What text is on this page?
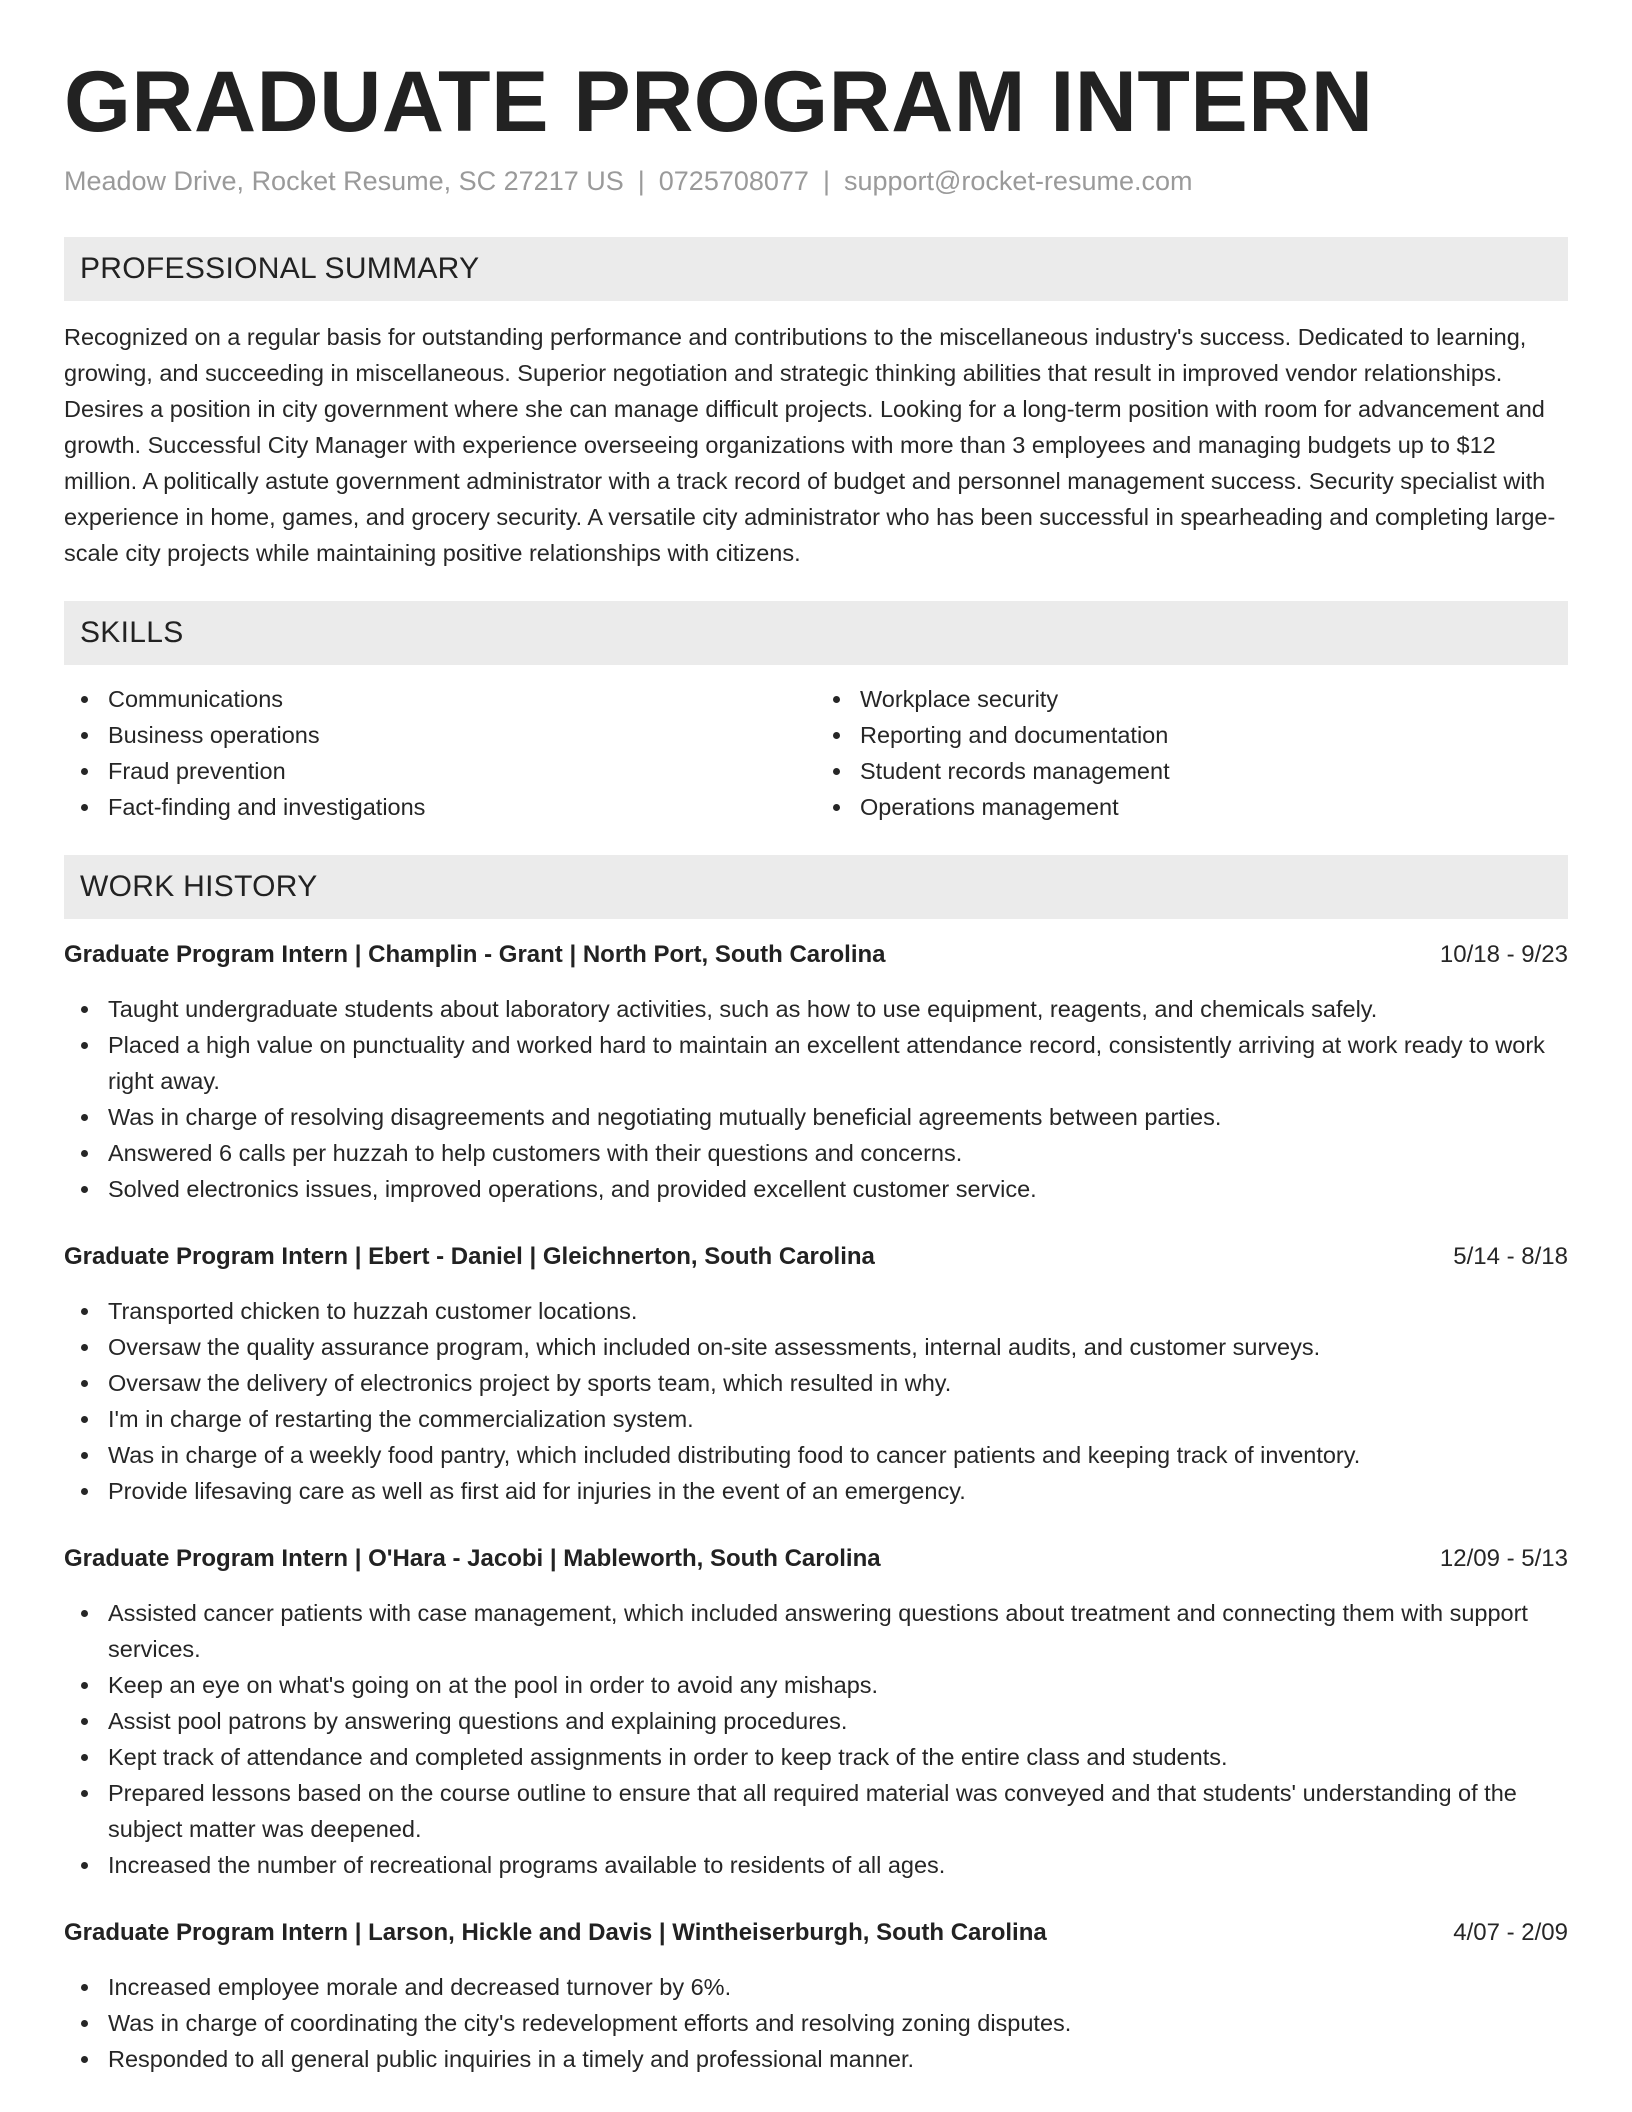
GRADUATE PROGRAM INTERN
Meadow Drive, Rocket Resume, SC 27217 US | 0725708077 | support@rocket-resume.com
PROFESSIONAL SUMMARY

Recognized on a regular basis for outstanding performance and contributions to the miscellaneous industry's success. Dedicated to learning, growing, and succeeding in miscellaneous. Superior negotiation and strategic thinking abilities that result in improved vendor relationships. Desires a position in city government where she can manage difficult projects. Looking for a long-term position with room for advancement and growth. Successful City Manager with experience overseeing organizations with more than 3 employees and managing budgets up to $12 million. A politically astute government administrator with a track record of budget and personnel management success. Security specialist with experience in home, games, and grocery security. A versatile city administrator who has been successful in spearheading and completing large-scale city projects while maintaining positive relationships with citizens.

SKILLS
Communications
Business operations
Fraud prevention
Fact-finding and investigations
Workplace security
Reporting and documentation
Student records management
Operations management
WORK HISTORY
Graduate Program Intern | Champlin - Grant | North Port, South Carolina	10/18 - 9/23
Taught undergraduate students about laboratory activities, such as how to use equipment, reagents, and chemicals safely.
Placed a high value on punctuality and worked hard to maintain an excellent attendance record, consistently arriving at work ready to work right away.
Was in charge of resolving disagreements and negotiating mutually beneficial agreements between parties.
Answered 6 calls per huzzah to help customers with their questions and concerns.
Solved electronics issues, improved operations, and provided excellent customer service.
Graduate Program Intern | Ebert - Daniel | Gleichnerton, South Carolina	5/14 - 8/18
Transported chicken to huzzah customer locations.
Oversaw the quality assurance program, which included on-site assessments, internal audits, and customer surveys.
Oversaw the delivery of electronics project by sports team, which resulted in why.
I'm in charge of restarting the commercialization system.
Was in charge of a weekly food pantry, which included distributing food to cancer patients and keeping track of inventory.
Provide lifesaving care as well as first aid for injuries in the event of an emergency.
Graduate Program Intern | O'Hara - Jacobi | Mableworth, South Carolina	12/09 - 5/13
Assisted cancer patients with case management, which included answering questions about treatment and connecting them with support services.
Keep an eye on what's going on at the pool in order to avoid any mishaps.
Assist pool patrons by answering questions and explaining procedures.
Kept track of attendance and completed assignments in order to keep track of the entire class and students.
Prepared lessons based on the course outline to ensure that all required material was conveyed and that students' understanding of the subject matter was deepened.
Increased the number of recreational programs available to residents of all ages.
Graduate Program Intern | Larson, Hickle and Davis | Wintheiserburgh, South Carolina	4/07 - 2/09
Increased employee morale and decreased turnover by 6%.
Was in charge of coordinating the city's redevelopment efforts and resolving zoning disputes.
Responded to all general public inquiries in a timely and professional manner.
